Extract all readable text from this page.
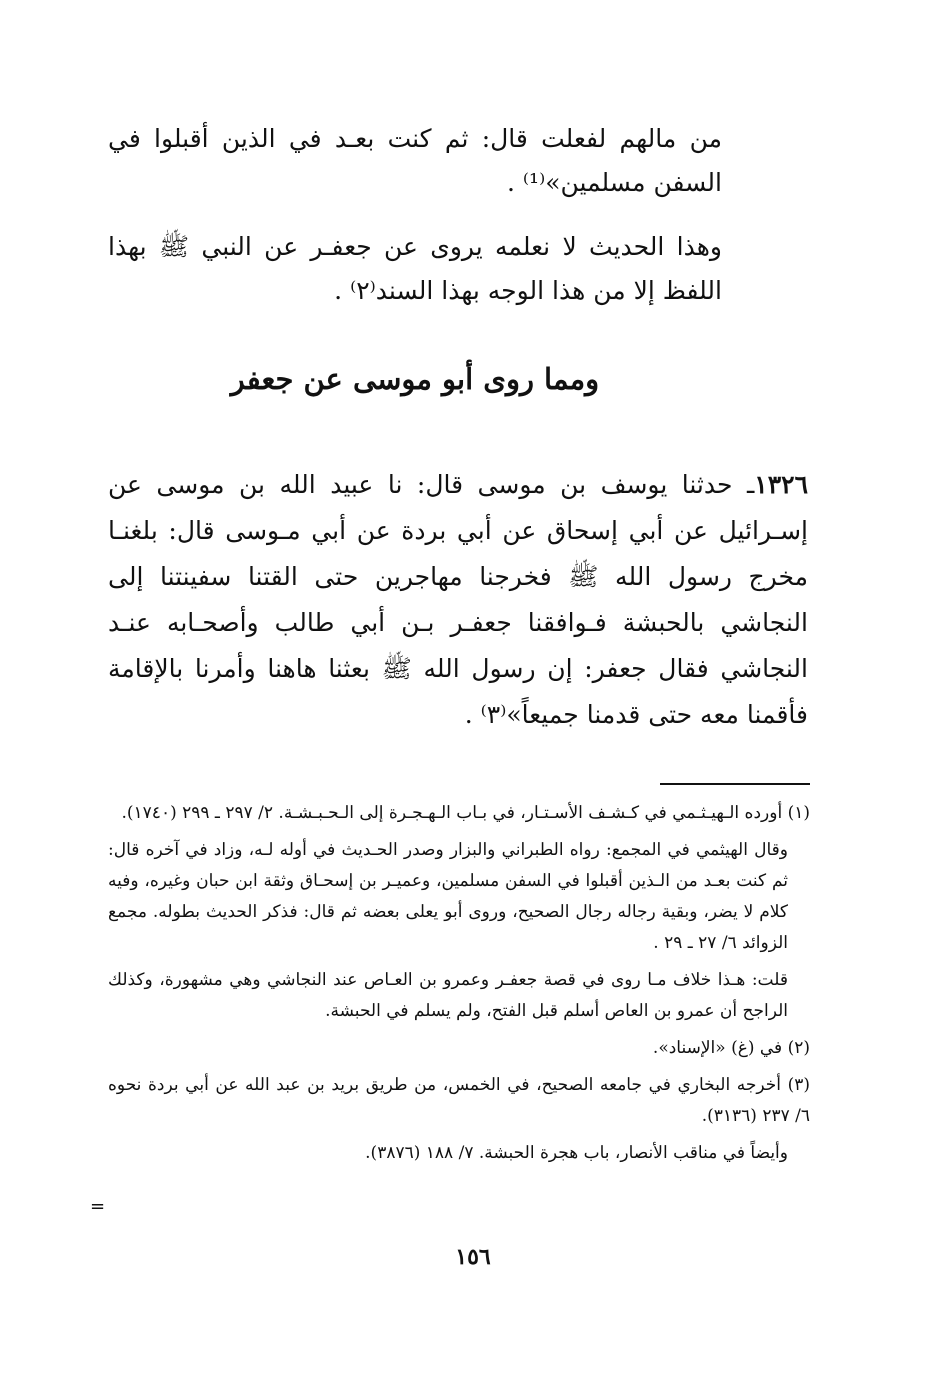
من مالهم لفعلت قال: ثم كنت بعـد في الذين أقبلوا في السفن مسلمين»⁽¹⁾ .

وهذا الحديث لا نعلمه يروى عن جعفـر عن النبي ﷺ بهذا اللفظ إلا من هذا الوجه بهذا السند⁽٢⁾ .

ومما روى أبو موسى عن جعفر

١٣٢٦ـ حدثنا يوسف بن موسى قال: نا عبيد الله بن موسى عن إسـرائيل عن أبي إسحاق عن أبي بردة عن أبي مـوسى قال: بلغنـا مخرج رسول الله ﷺ فخرجنا مهاجرين حتى القتنا سفينتنا إلى النجاشي بالحبشة فـوافقنا جعفـر بـن أبي طالب وأصحـابه عنـد النجاشي فقال جعفر: إن رسول الله ﷺ بعثنا هاهنا وأمرنا بالإقامة فأقمنا معه حتى قدمنا جميعاً»⁽٣⁾ .

(١) أورده الـهيـثـمي في كـشـف الأسـتـار، في بـاب الـهـجـرة إلى الـحـبـشـة. ٢/ ٢٩٧ ـ ٢٩٩ (١٧٤٠).

وقال الهيثمي في المجمع: رواه الطبراني والبزار وصدر الحـديث في أوله لـه، وزاد في آخره قال: ثم كنت بعـد من الـذين أقبلوا في السفن مسلمين، وعميـر بن إسحـاق وثقة ابن حبان وغيره، وفيه كلام لا يضر، وبقية رجاله رجال الصحيح، وروى أبو يعلى بعضه ثم قال: فذكر الحديث بطوله. مجمع الزوائد ٦/ ٢٧ ـ ٢٩ .

قلت: هـذا خلاف مـا روى في قصة جعفـر وعمرو بن العـاص عند النجاشي وهي مشهورة، وكذلك الراجح أن عمرو بن العاص أسلم قبل الفتح، ولم يسلم في الحبشة.

(٢) في (غ) «الإسناد».

(٣) أخرجه البخاري في جامعه الصحيح، في الخمس، من طريق بريد بن عبد الله عن أبي بردة نحوه ٦/ ٢٣٧ (٣١٣٦).

وأيضاً في مناقب الأنصار، باب هجرة الحبشة. ٧/ ١٨٨ (٣٨٧٦).

=
١٥٦
